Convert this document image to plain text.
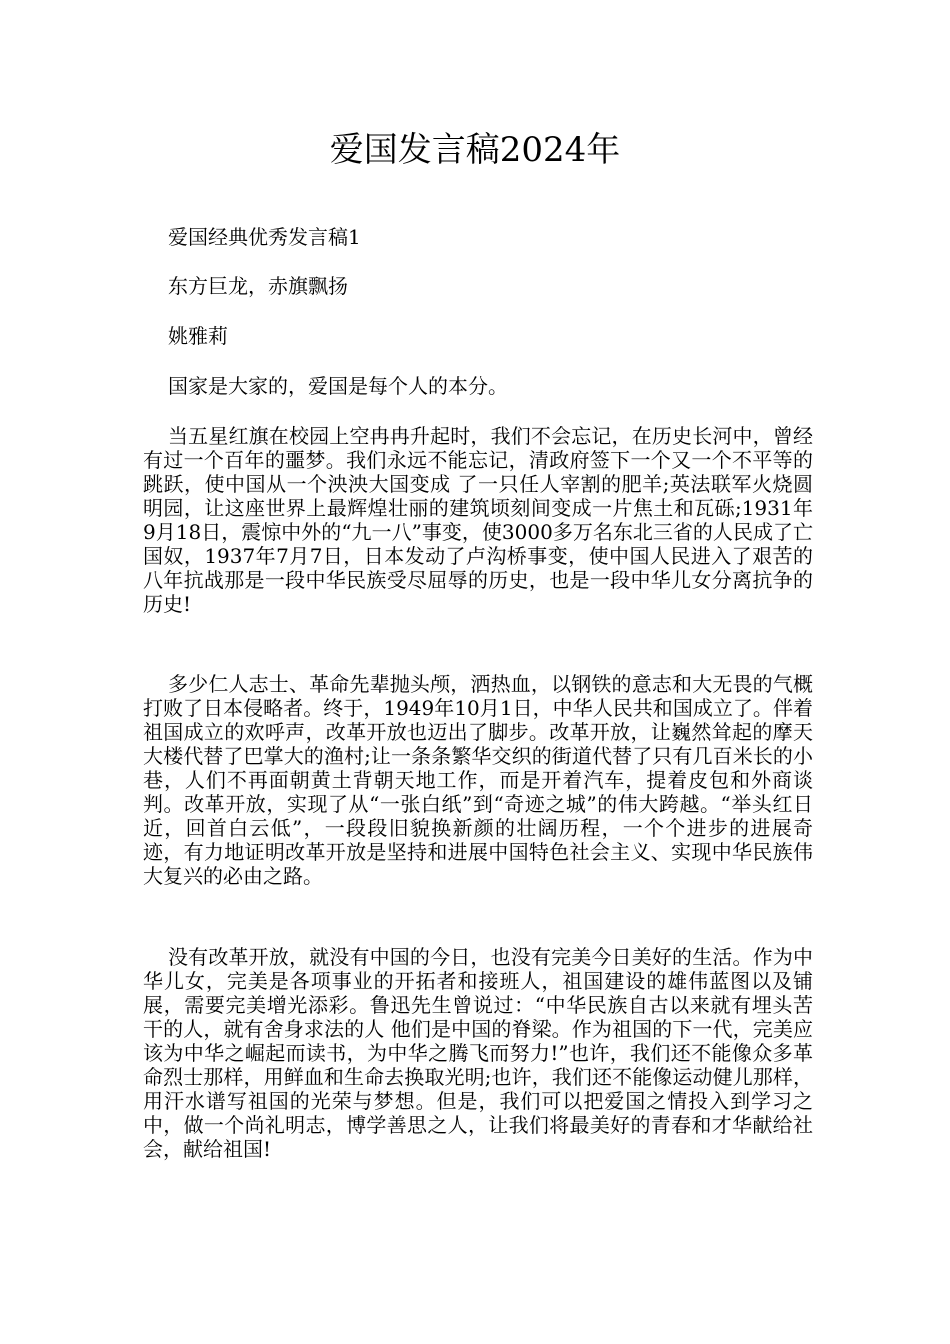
爱国发言稿2024年

爱国经典优秀发言稿1

东方巨龙，赤旗飘扬

姚雅莉

国家是大家的，爱国是每个人的本分。

当五星红旗在校园上空冉冉升起时，我们不会忘记，在历史长河中，曾经有过一个百年的噩梦。我们永远不能忘记，清政府签下一个又一个不平等的跳跃，使中国从一个泱泱大国变成 了一只任人宰割的肥羊;英法联军火烧圆明园，让这座世界上最辉煌壮丽的建筑顷刻间变成一片焦土和瓦砾;1931年9月18日，震惊中外的“九一八”事变，使3000多万名东北三省的人民成了亡国奴，1937年7月7日，日本发动了卢沟桥事变，使中国人民进入了艰苦的八年抗战那是一段中华民族受尽屈辱的历史，也是一段中华儿女分离抗争的历史!

多少仁人志士、革命先辈抛头颅，洒热血，以钢铁的意志和大无畏的气概打败了日本侵略者。终于，1949年10月1日，中华人民共和国成立了。伴着祖国成立的欢呼声，改革开放也迈出了脚步。改革开放，让巍然耸起的摩天大楼代替了巴掌大的渔村;让一条条繁华交织的街道代替了只有几百米长的小巷，人们不再面朝黄土背朝天地工作，而是开着汽车，提着皮包和外商谈判。改革开放，实现了从“一张白纸”到“奇迹之城”的伟大跨越。“举头红日近，回首白云低”，一段段旧貌换新颜的壮阔历程，一个个进步的进展奇迹，有力地证明改革开放是坚持和进展中国特色社会主义、实现中华民族伟大复兴的必由之路。

没有改革开放，就没有中国的今日，也没有完美今日美好的生活。作为中华儿女，完美是各项事业的开拓者和接班人，祖国建设的雄伟蓝图以及铺展，需要完美增光添彩。鲁迅先生曾说过：“中华民族自古以来就有埋头苦干的人，就有舍身求法的人 他们是中国的脊梁。作为祖国的下一代，完美应该为中华之崛起而读书，为中华之腾飞而努力!”也许，我们还不能像众多革命烈士那样，用鲜血和生命去换取光明;也许，我们还不能像运动健儿那样，用汗水谱写祖国的光荣与梦想。但是，我们可以把爱国之情投入到学习之中，做一个尚礼明志，博学善思之人，让我们将最美好的青春和才华献给社会，献给祖国!
